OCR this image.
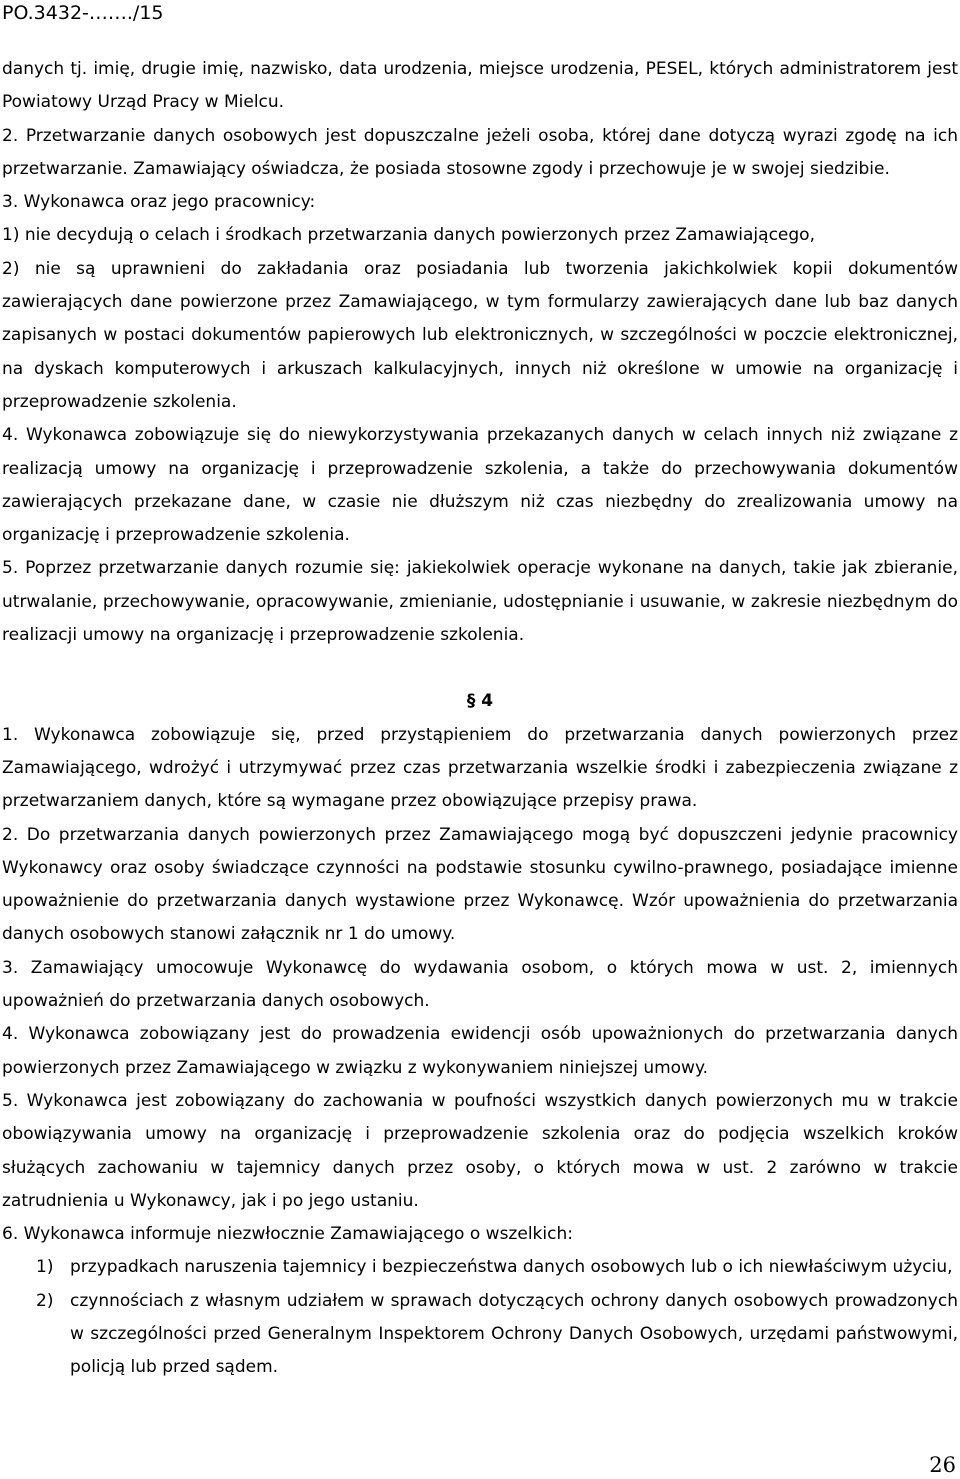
PO.3432-……./15

danych tj. imię, drugie imię, nazwisko, data urodzenia, miejsce urodzenia, PESEL, których administratorem jest Powiatowy Urząd Pracy w Mielcu.

2. Przetwarzanie danych osobowych jest dopuszczalne jeżeli osoba, której dane dotyczą wyrazi zgodę na ich przetwarzanie. Zamawiający oświadcza, że posiada stosowne zgody i przechowuje je w swojej siedzibie.

3. Wykonawca oraz jego pracownicy:

1) nie decydują o celach i środkach przetwarzania danych powierzonych przez Zamawiającego,

2) nie są uprawnieni do zakładania oraz posiadania lub tworzenia jakichkolwiek kopii dokumentów zawierających dane powierzone przez Zamawiającego, w tym formularzy zawierających dane lub baz danych zapisanych w postaci dokumentów papierowych lub elektronicznych, w szczególności w poczcie elektronicznej, na dyskach komputerowych i arkuszach kalkulacyjnych, innych niż określone w umowie na organizację i przeprowadzenie szkolenia.

4. Wykonawca zobowiązuje się do niewykorzystywania przekazanych danych w celach innych niż związane z realizacją umowy na organizację i przeprowadzenie szkolenia, a także do przechowywania dokumentów zawierających przekazane dane, w czasie nie dłuższym niż czas niezbędny do zrealizowania umowy na organizację i przeprowadzenie szkolenia.

5. Poprzez przetwarzanie danych rozumie się: jakiekolwiek operacje wykonane na danych, takie jak zbieranie, utrwalanie, przechowywanie, opracowywanie, zmienianie, udostępnianie i usuwanie, w zakresie niezbędnym do realizacji umowy na organizację i przeprowadzenie szkolenia.

§ 4

1. Wykonawca zobowiązuje się, przed przystąpieniem do przetwarzania danych powierzonych przez Zamawiającego, wdrożyć i utrzymywać przez czas przetwarzania wszelkie środki i zabezpieczenia związane z przetwarzaniem danych, które są wymagane przez obowiązujące przepisy prawa.

2. Do przetwarzania danych powierzonych przez Zamawiającego mogą być dopuszczeni jedynie pracownicy Wykonawcy oraz osoby świadczące czynności na podstawie stosunku cywilno-prawnego, posiadające imienne upoważnienie do przetwarzania danych wystawione przez Wykonawcę. Wzór upoważnienia do przetwarzania danych osobowych stanowi załącznik nr 1 do umowy.

3. Zamawiający umocowuje Wykonawcę do wydawania osobom, o których mowa w ust. 2, imiennych upoważnień do przetwarzania danych osobowych.

4. Wykonawca zobowiązany jest do prowadzenia ewidencji osób upoważnionych do przetwarzania danych powierzonych przez Zamawiającego w związku z wykonywaniem niniejszej umowy.

5. Wykonawca jest zobowiązany do zachowania w poufności wszystkich danych powierzonych mu w trakcie obowiązywania umowy na organizację i przeprowadzenie szkolenia oraz do podjęcia wszelkich kroków służących zachowaniu w tajemnicy danych przez osoby, o których mowa w ust. 2 zarówno w trakcie zatrudnienia u Wykonawcy, jak i po jego ustaniu.

6. Wykonawca informuje niezwłocznie Zamawiającego o wszelkich:

1) przypadkach naruszenia tajemnicy i bezpieczeństwa danych osobowych lub o ich niewłaściwym użyciu,
2) czynnościach z własnym udziałem w sprawach dotyczących ochrony danych osobowych prowadzonych w szczególności przed Generalnym Inspektorem Ochrony Danych Osobowych, urzędami państwowymi, policją lub przed sądem.
26
